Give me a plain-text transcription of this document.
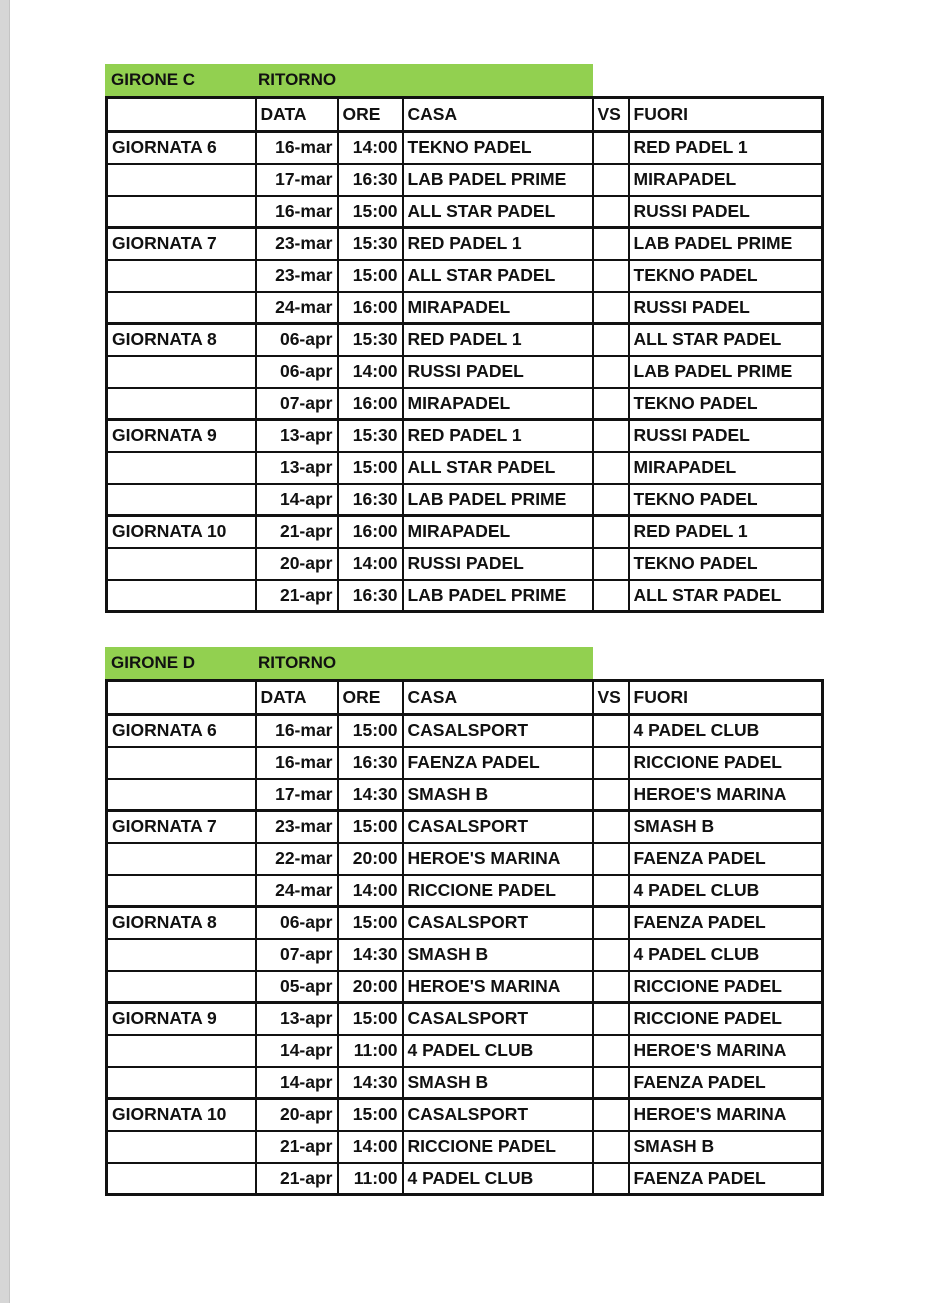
GIRONE C	RITORNO
	DATA	ORE	CASA	VS	FUORI
GIORNATA 6	16-mar	14:00	TEKNO PADEL		RED PADEL 1
	17-mar	16:30	LAB PADEL PRIME		MIRAPADEL
	16-mar	15:00	ALL STAR PADEL		RUSSI PADEL
GIORNATA 7	23-mar	15:30	RED PADEL 1		LAB PADEL PRIME
	23-mar	15:00	ALL STAR PADEL		TEKNO PADEL
	24-mar	16:00	MIRAPADEL		RUSSI PADEL
GIORNATA 8	06-apr	15:30	RED PADEL 1		ALL STAR PADEL
	06-apr	14:00	RUSSI PADEL		LAB PADEL PRIME
	07-apr	16:00	MIRAPADEL		TEKNO PADEL
GIORNATA 9	13-apr	15:30	RED PADEL 1		RUSSI PADEL
	13-apr	15:00	ALL STAR PADEL		MIRAPADEL
	14-apr	16:30	LAB PADEL PRIME		TEKNO PADEL
GIORNATA 10	21-apr	16:00	MIRAPADEL		RED PADEL 1
	20-apr	14:00	RUSSI PADEL		TEKNO PADEL
	21-apr	16:30	LAB PADEL PRIME		ALL STAR PADEL
GIRONE D	RITORNO
	DATA	ORE	CASA	VS	FUORI
GIORNATA 6	16-mar	15:00	CASALSPORT		4 PADEL CLUB
	16-mar	16:30	FAENZA PADEL		RICCIONE PADEL
	17-mar	14:30	SMASH B		HEROE'S MARINA
GIORNATA 7	23-mar	15:00	CASALSPORT		SMASH B
	22-mar	20:00	HEROE'S MARINA		FAENZA PADEL
	24-mar	14:00	RICCIONE PADEL		4 PADEL CLUB
GIORNATA 8	06-apr	15:00	CASALSPORT		FAENZA PADEL
	07-apr	14:30	SMASH B		4 PADEL CLUB
	05-apr	20:00	HEROE'S MARINA		RICCIONE PADEL
GIORNATA 9	13-apr	15:00	CASALSPORT		RICCIONE PADEL
	14-apr	11:00	4 PADEL CLUB		HEROE'S MARINA
	14-apr	14:30	SMASH B		FAENZA PADEL
GIORNATA 10	20-apr	15:00	CASALSPORT		HEROE'S MARINA
	21-apr	14:00	RICCIONE PADEL		SMASH B
	21-apr	11:00	4 PADEL CLUB		FAENZA PADEL
